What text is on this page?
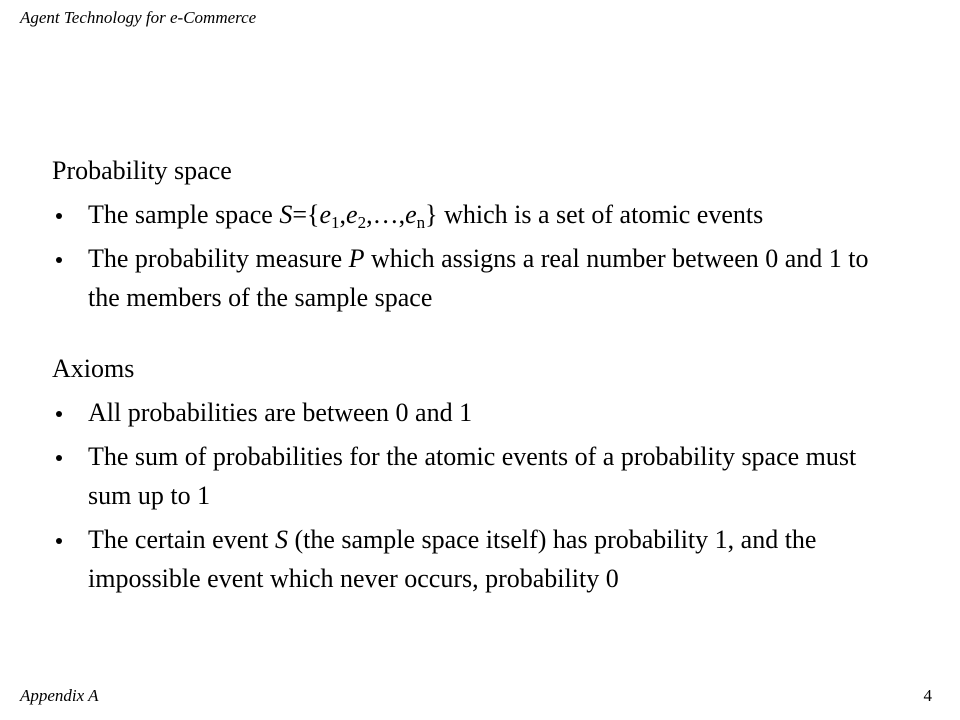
Agent Technology for e-Commerce
Probability space
The sample space $S=\{e_1,e_2,\dots,e_n\}$ which is a set of atomic events
The probability measure P which assigns a real number between 0 and 1 to the members of the sample space
Axioms
All probabilities are between 0 and 1
The sum of probabilities for the atomic events of a probability space must sum up to 1
The certain event S (the sample space itself) has probability 1, and the impossible event which never occurs, probability 0
Appendix A	4
